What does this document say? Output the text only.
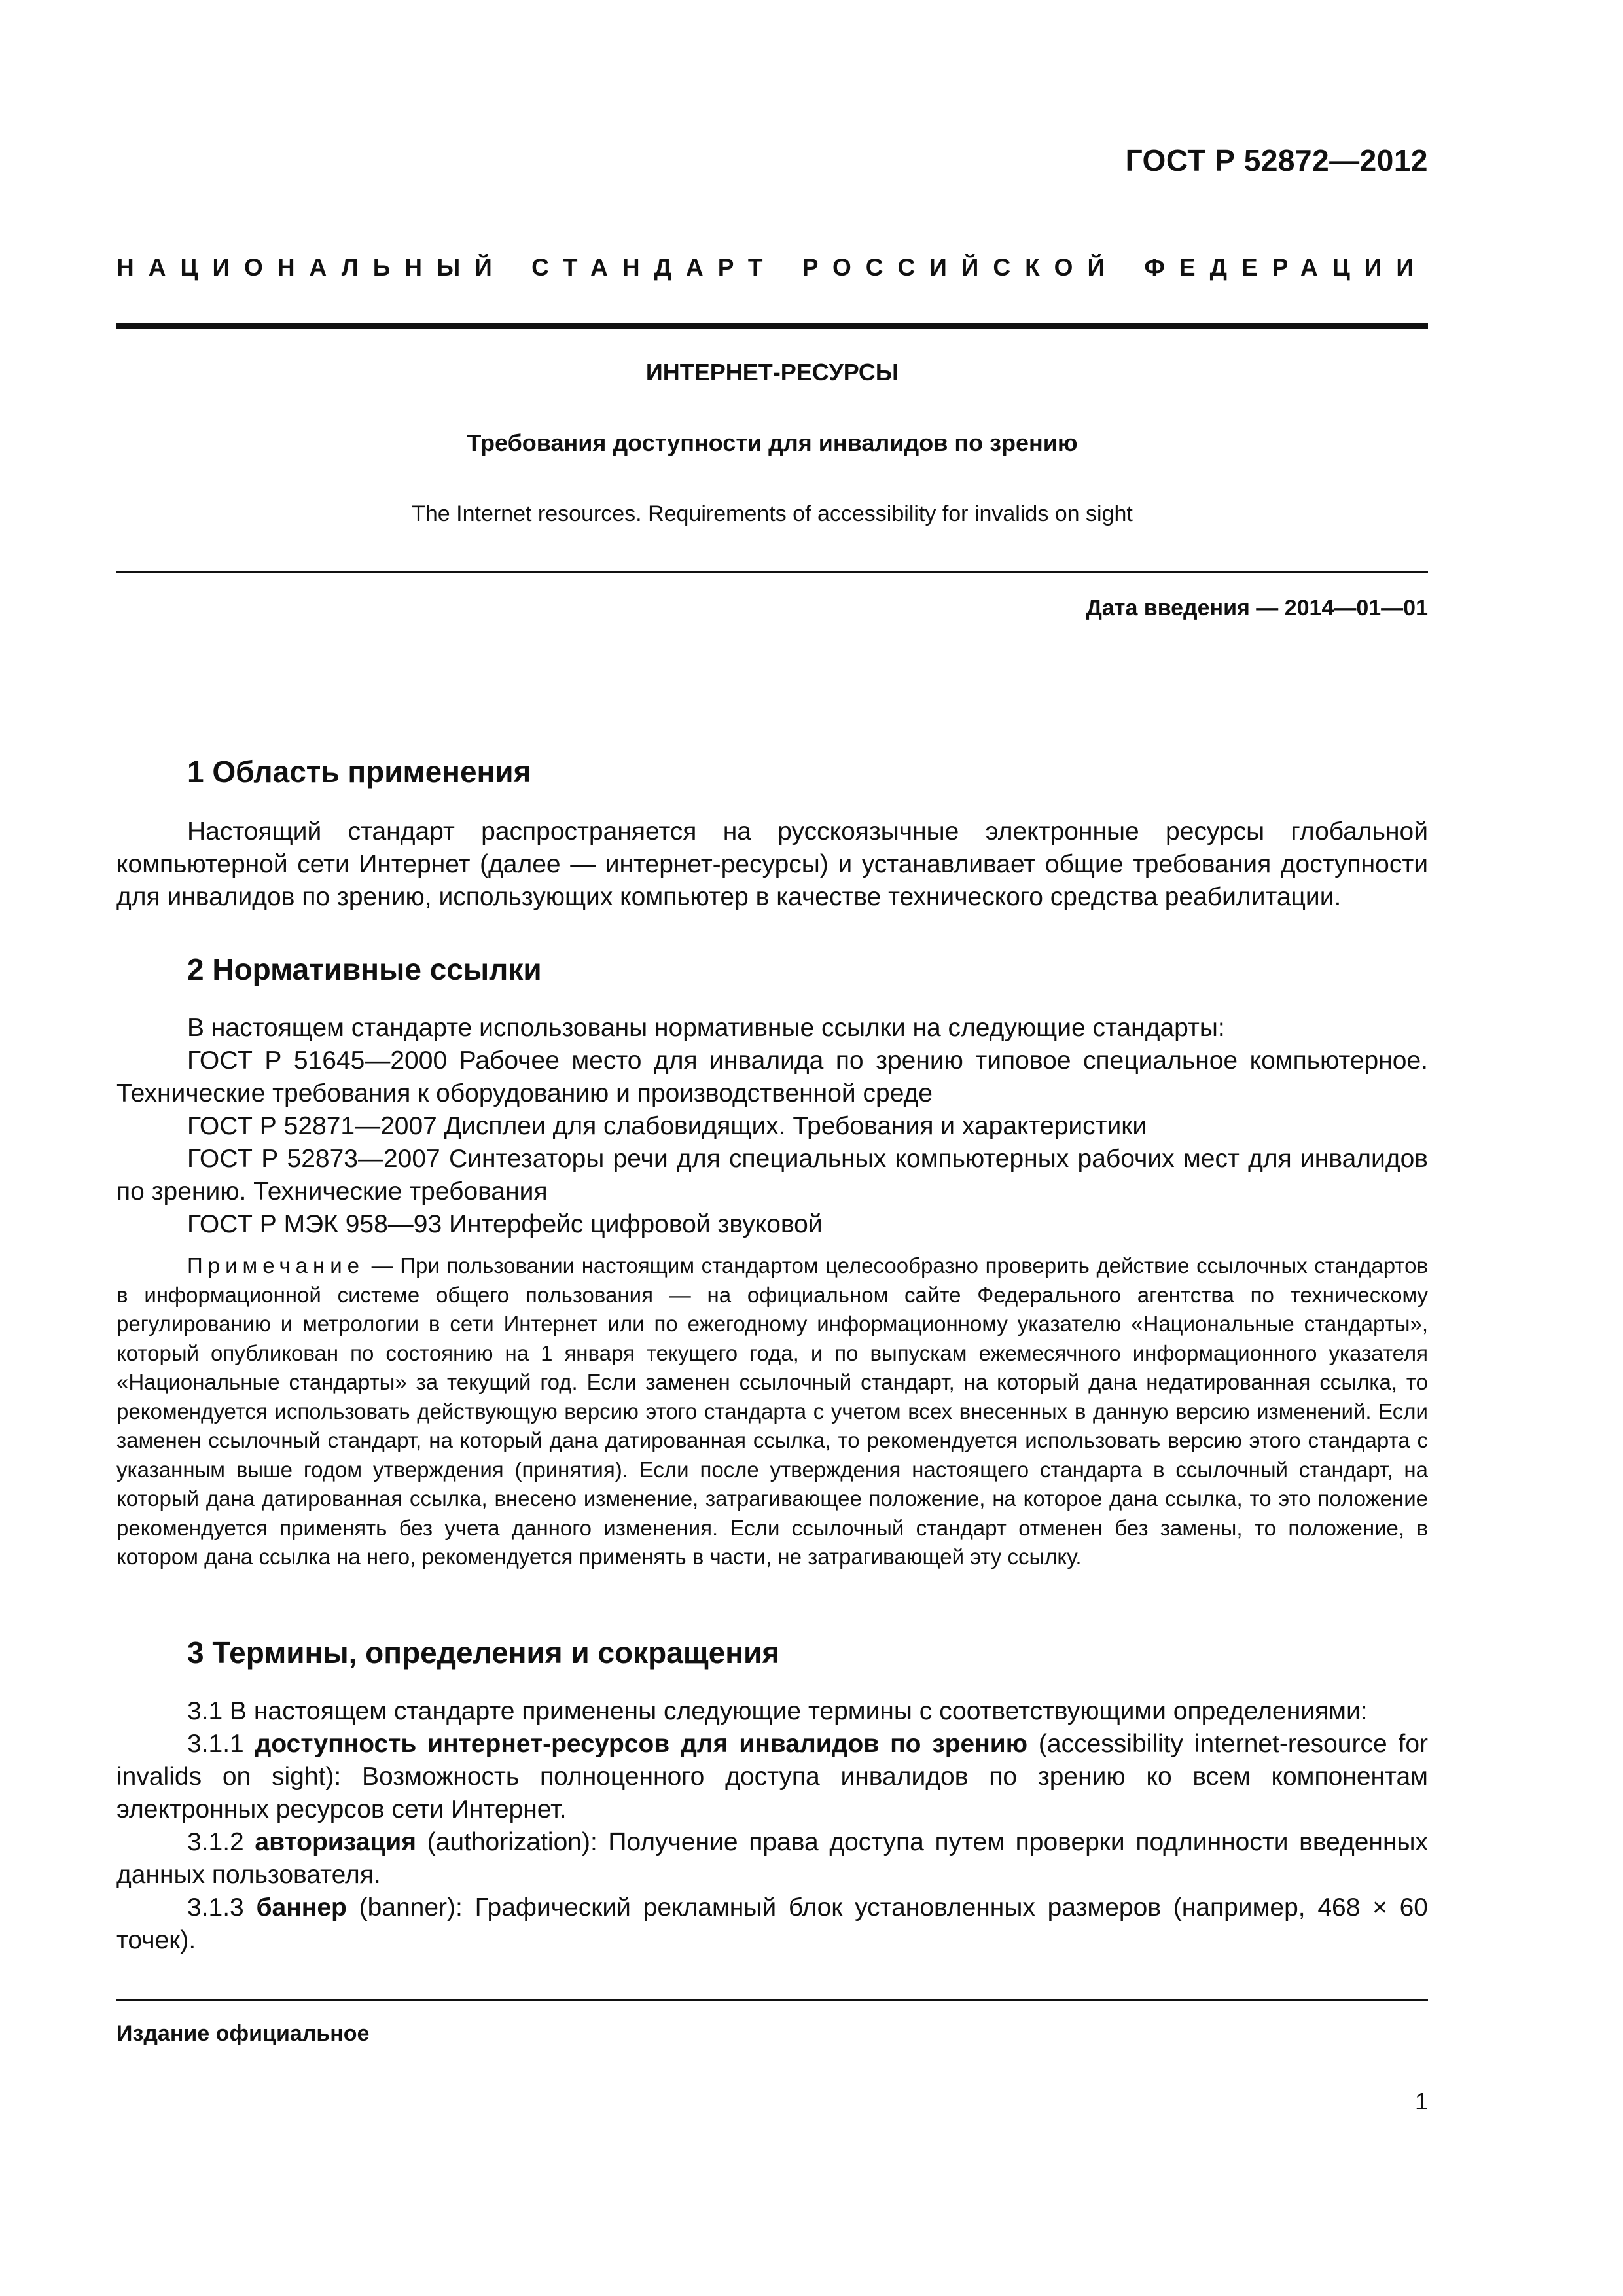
ГОСТ Р 52872—2012
НАЦИОНАЛЬНЫЙ СТАНДАРТ РОССИЙСКОЙ ФЕДЕРАЦИИ
ИНТЕРНЕТ-РЕСУРСЫ
Требования доступности для инвалидов по зрению
The Internet resources. Requirements of accessibility for invalids on sight
Дата введения — 2014—01—01
1 Область применения

Настоящий стандарт распространяется на русскоязычные электронные ресурсы глобальной компьютерной сети Интернет (далее — интернет-ресурсы) и устанавливает общие требования доступности для инвалидов по зрению, использующих компьютер в качестве технического средства реабилитации.

2 Нормативные ссылки

В настоящем стандарте использованы нормативные ссылки на следующие стандарты:

ГОСТ Р 51645—2000 Рабочее место для инвалида по зрению типовое специальное компьютерное. Технические требования к оборудованию и производственной среде

ГОСТ Р 52871—2007 Дисплеи для слабовидящих. Требования и характеристики

ГОСТ Р 52873—2007 Синтезаторы речи для специальных компьютерных рабочих мест для инвалидов по зрению. Технические требования

ГОСТ Р МЭК 958—93 Интерфейс цифровой звуковой

Примечание — При пользовании настоящим стандартом целесообразно проверить действие ссылочных стандартов в информационной системе общего пользования — на официальном сайте Федерального агентства по техническому регулированию и метрологии в сети Интернет или по ежегодному информационному указателю «Национальные стандарты», который опубликован по состоянию на 1 января текущего года, и по выпускам ежемесячного информационного указателя «Национальные стандарты» за текущий год. Если заменен ссылочный стандарт, на который дана недатированная ссылка, то рекомендуется использовать действующую версию этого стандарта с учетом всех внесенных в данную версию изменений. Если заменен ссылочный стандарт, на который дана датированная ссылка, то рекомендуется использовать версию этого стандарта с указанным выше годом утверждения (принятия). Если после утверждения настоящего стандарта в ссылочный стандарт, на который дана датированная ссылка, внесено изменение, затрагивающее положение, на которое дана ссылка, то это положение рекомендуется применять без учета данного изменения. Если ссылочный стандарт отменен без замены, то положение, в котором дана ссылка на него, рекомендуется применять в части, не затрагивающей эту ссылку.

3 Термины, определения и сокращения

3.1 В настоящем стандарте применены следующие термины с соответствующими определениями:

3.1.1 доступность интернет-ресурсов для инвалидов по зрению (accessibility internet-resource for invalids on sight): Возможность полноценного доступа инвалидов по зрению ко всем компонентам электронных ресурсов сети Интернет.

3.1.2 авторизация (authorization): Получение права доступа путем проверки подлинности введенных данных пользователя.

3.1.3 баннер (banner): Графический рекламный блок установленных размеров (например, 468 × 60 точек).

Издание официальное
1
